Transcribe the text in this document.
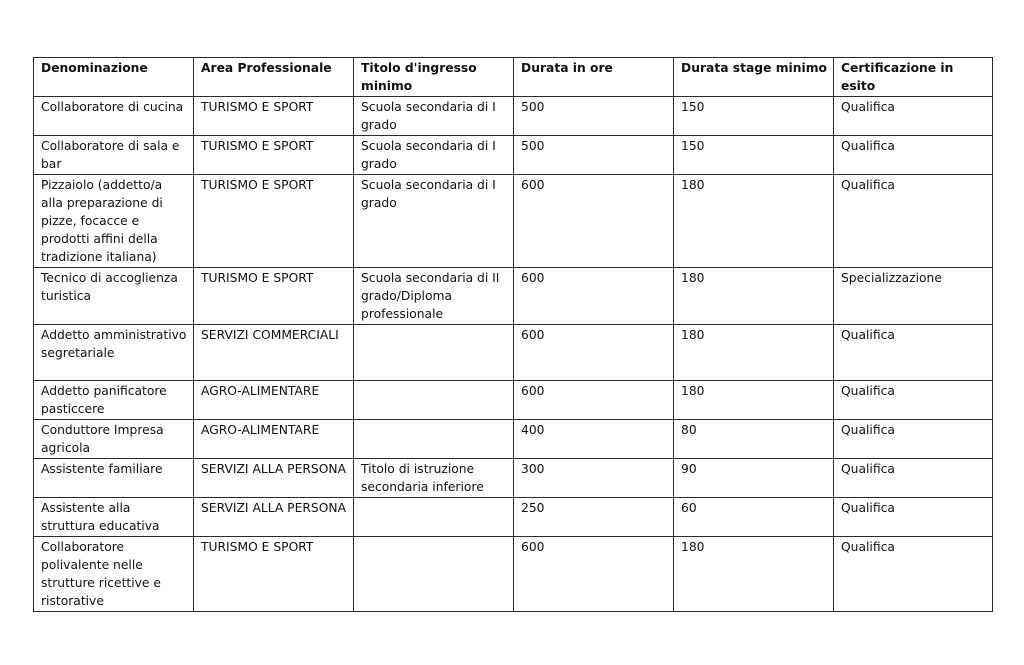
Denominazione	Area Professionale	Titolo d'ingresso minimo	Durata in ore	Durata stage minimo	Certificazione in esito
Collaboratore di cucina	TURISMO E SPORT	Scuola secondaria di I grado	500	150	Qualifica
Collaboratore di sala e bar	TURISMO E SPORT	Scuola secondaria di I grado	500	150	Qualifica
Pizzaiolo (addetto/a alla preparazione di pizze, focacce e prodotti affini della tradizione italiana)	TURISMO E SPORT	Scuola secondaria di I grado	600	180	Qualifica
Tecnico di accoglienza turistica	TURISMO E SPORT	Scuola secondaria di II grado/Diploma professionale	600	180	Specializzazione
Addetto amministrativo segretariale	SERVIZI COMMERCIALI		600	180	Qualifica
Addetto panificatore pasticcere	AGRO-ALIMENTARE		600	180	Qualifica
Conduttore Impresa agricola	AGRO-ALIMENTARE		400	80	Qualifica
Assistente familiare	SERVIZI ALLA PERSONA	Titolo di istruzione secondaria inferiore	300	90	Qualifica
Assistente alla struttura educativa	SERVIZI ALLA PERSONA		250	60	Qualifica
Collaboratore polivalente nelle strutture ricettive e ristorative	TURISMO E SPORT		600	180	Qualifica
